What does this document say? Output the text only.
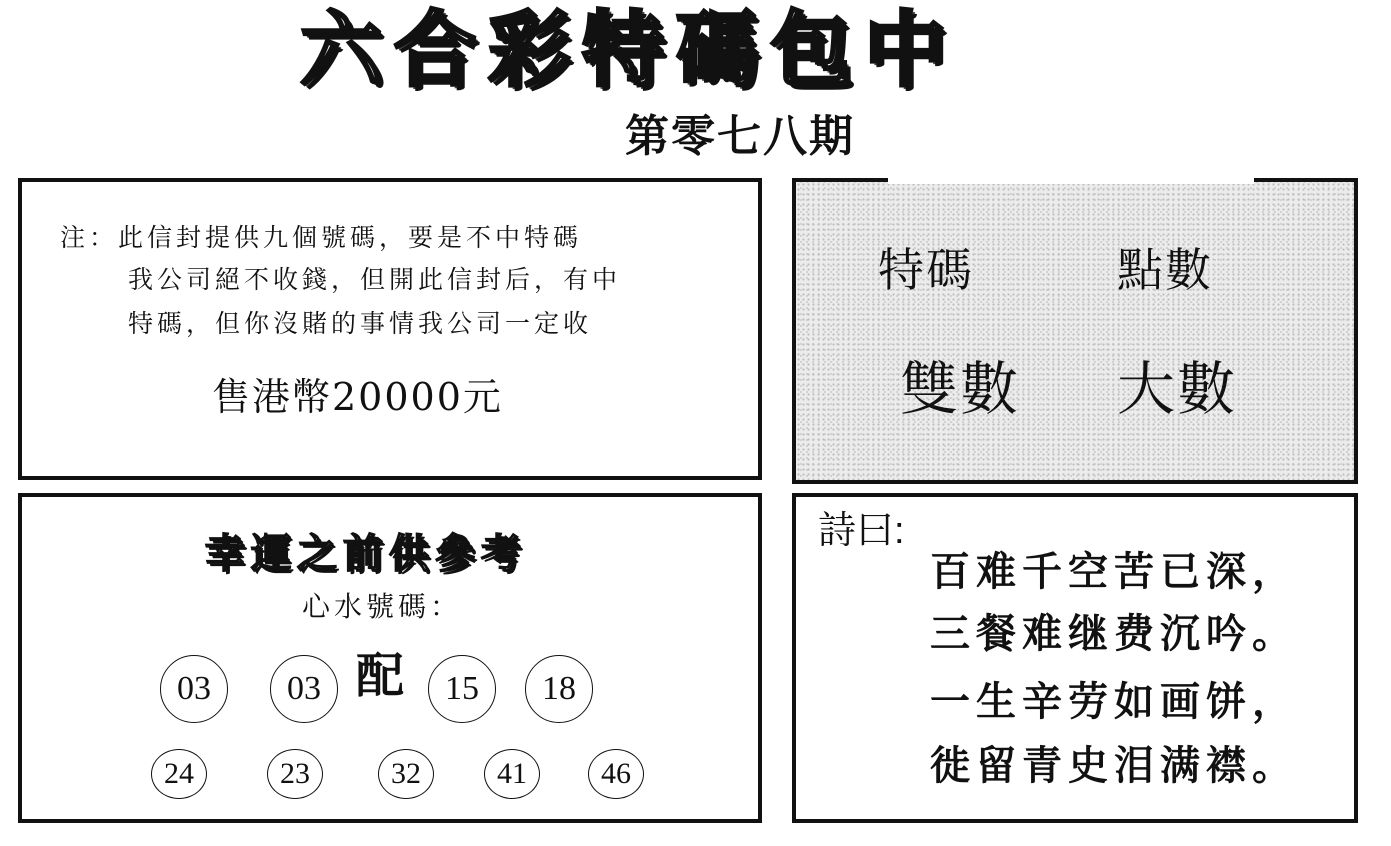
六合彩特碼包中
第零七八期
注：此信封提供九個號碼，要是不中特碼
我公司絕不收錢，但開此信封后，有中
特碼，但你沒賭的事情我公司一定收
售港幣20000元
特碼	點數
雙數 大數
幸運之前供參考
心水號碼：
配
03	03	15	18
24	23	32	41	46
詩曰:
百难千空苦已深，
三餐难继费沉吟。
一生辛劳如画饼，
徙留青史泪满襟。
